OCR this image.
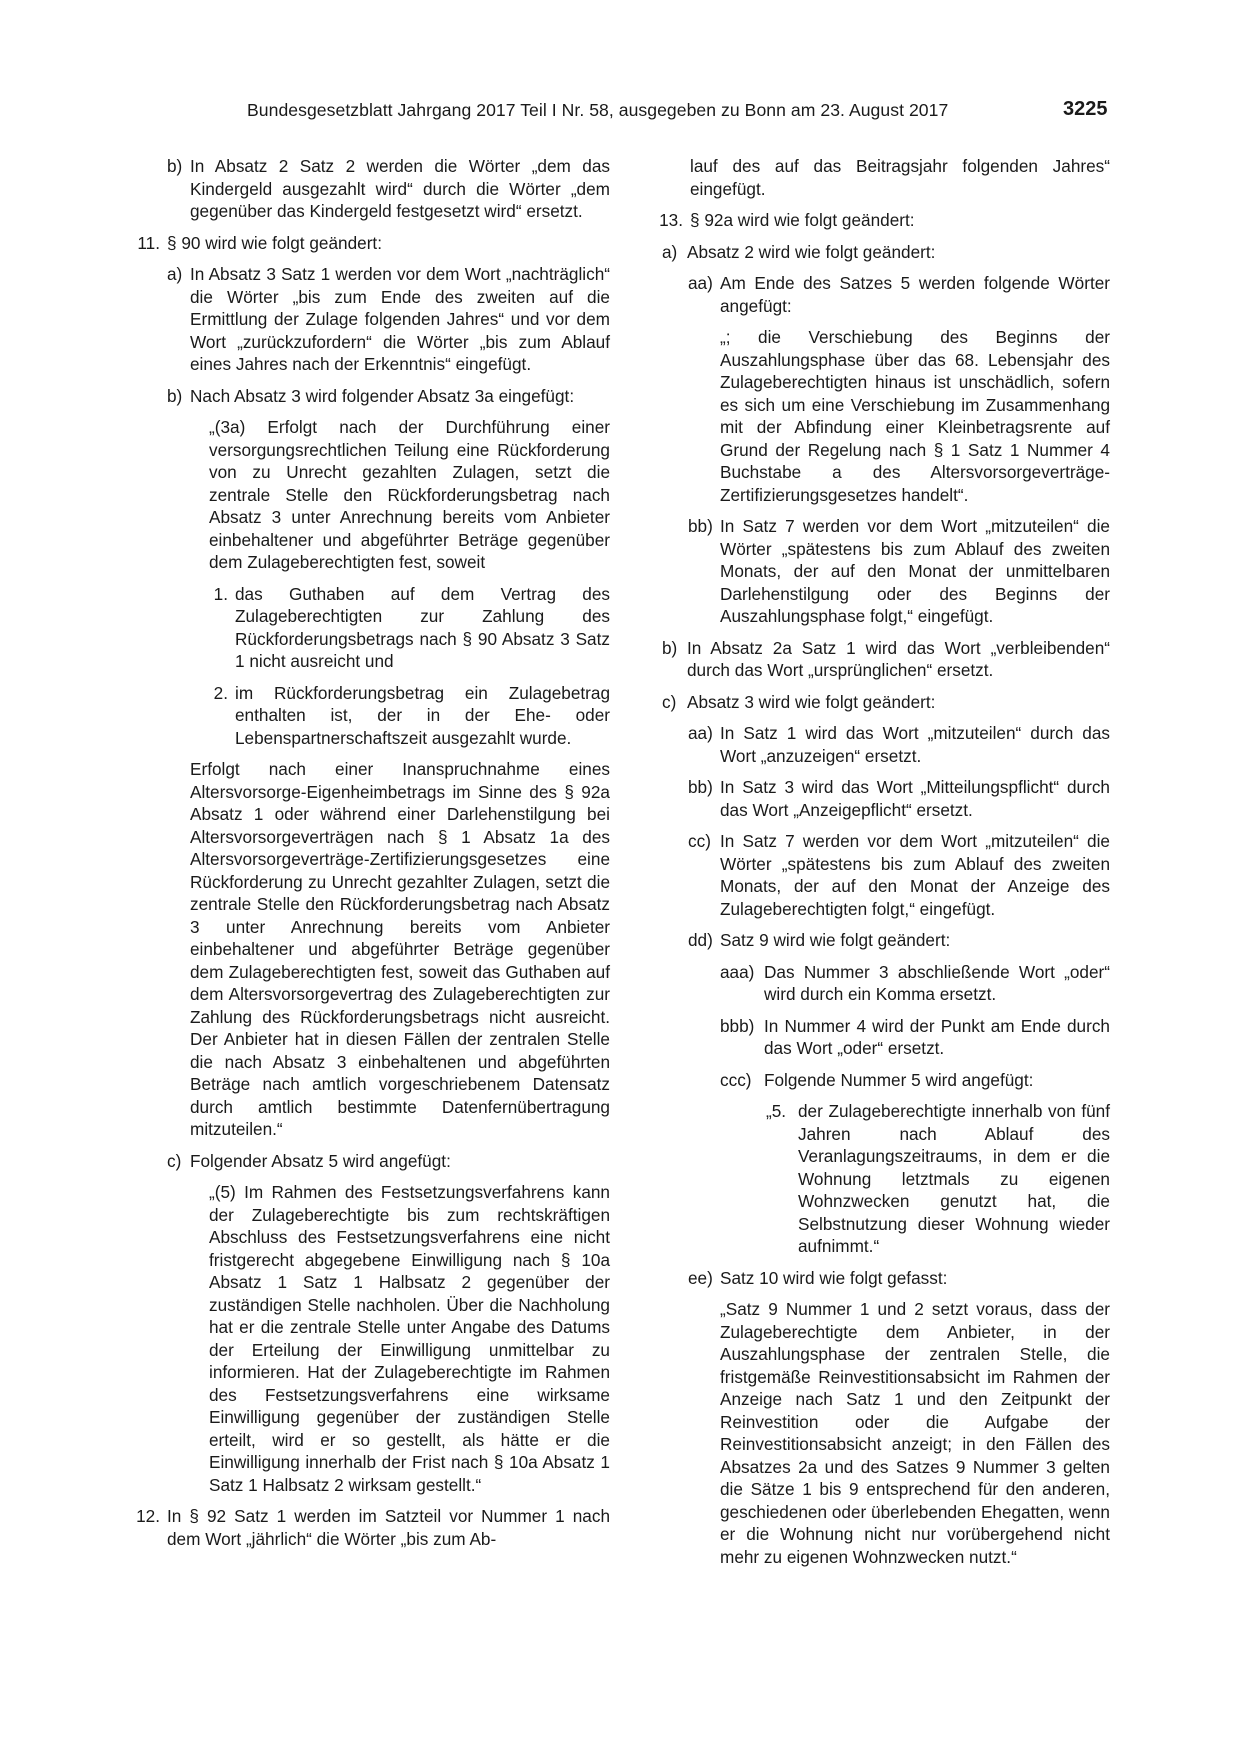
Bundesgesetzblatt Jahrgang 2017 Teil I Nr. 58, ausgegeben zu Bonn am 23. August 2017	3225
b) In Absatz 2 Satz 2 werden die Wörter „dem das Kindergeld ausgezahlt wird“ durch die Wörter „dem gegenüber das Kindergeld festgesetzt wird“ ersetzt.
11. § 90 wird wie folgt geändert:
a) In Absatz 3 Satz 1 werden vor dem Wort „nachträglich“ die Wörter „bis zum Ende des zweiten auf die Ermittlung der Zulage folgenden Jahres“ und vor dem Wort „zurückzufordern“ die Wörter „bis zum Ablauf eines Jahres nach der Erkenntnis“ eingefügt.
b) Nach Absatz 3 wird folgender Absatz 3a eingefügt:

„(3a) Erfolgt nach der Durchführung einer versorgungsrechtlichen Teilung eine Rückforderung von zu Unrecht gezahlten Zulagen, setzt die zentrale Stelle den Rückforderungsbetrag nach Absatz 3 unter Anrechnung bereits vom Anbieter einbehaltener und abgeführter Beträge gegenüber dem Zulageberechtigten fest, soweit

1. das Guthaben auf dem Vertrag des Zulageberechtigten zur Zahlung des Rückforderungsbetrags nach § 90 Absatz 3 Satz 1 nicht ausreicht und
2. im Rückforderungsbetrag ein Zulagebetrag enthalten ist, der in der Ehe- oder Lebenspartnerschaftszeit ausgezahlt wurde.

Erfolgt nach einer Inanspruchnahme eines Altersvorsorge-Eigenheimbetrags im Sinne des § 92a Absatz 1 oder während einer Darlehenstilgung bei Altersvorsorgeverträgen nach § 1 Absatz 1a des Altersvorsorgeverträge-Zertifizierungsgesetzes eine Rückforderung zu Unrecht gezahlter Zulagen, setzt die zentrale Stelle den Rückforderungsbetrag nach Absatz 3 unter Anrechnung bereits vom Anbieter einbehaltener und abgeführter Beträge gegenüber dem Zulageberechtigten fest, soweit das Guthaben auf dem Altersvorsorgevertrag des Zulageberechtigten zur Zahlung des Rückforderungsbetrags nicht ausreicht. Der Anbieter hat in diesen Fällen der zentralen Stelle die nach Absatz 3 einbehaltenen und abgeführten Beträge nach amtlich vorgeschriebenem Datensatz durch amtlich bestimmte Datenfernübertragung mitzuteilen.“

c) Folgender Absatz 5 wird angefügt:

„(5) Im Rahmen des Festsetzungsverfahrens kann der Zulageberechtigte bis zum rechtskräftigen Abschluss des Festsetzungsverfahrens eine nicht fristgerecht abgegebene Einwilligung nach § 10a Absatz 1 Satz 1 Halbsatz 2 gegenüber der zuständigen Stelle nachholen. Über die Nachholung hat er die zentrale Stelle unter Angabe des Datums der Erteilung der Einwilligung unmittelbar zu informieren. Hat der Zulageberechtigte im Rahmen des Festsetzungsverfahrens eine wirksame Einwilligung gegenüber der zuständigen Stelle erteilt, wird er so gestellt, als hätte er die Einwilligung innerhalb der Frist nach § 10a Absatz 1 Satz 1 Halbsatz 2 wirksam gestellt.“

12. In § 92 Satz 1 werden im Satzteil vor Nummer 1 nach dem Wort „jährlich“ die Wörter „bis zum Ab-

lauf des auf das Beitragsjahr folgenden Jahres“ eingefügt.

13. § 92a wird wie folgt geändert:
a) Absatz 2 wird wie folgt geändert:
aa) Am Ende des Satzes 5 werden folgende Wörter angefügt:

„; die Verschiebung des Beginns der Auszahlungsphase über das 68. Lebensjahr des Zulageberechtigten hinaus ist unschädlich, sofern es sich um eine Verschiebung im Zusammenhang mit der Abfindung einer Kleinbetragsrente auf Grund der Regelung nach § 1 Satz 1 Nummer 4 Buchstabe a des Altersvorsorgeverträge-Zertifizierungsgesetzes handelt“.

bb) In Satz 7 werden vor dem Wort „mitzuteilen“ die Wörter „spätestens bis zum Ablauf des zweiten Monats, der auf den Monat der unmittelbaren Darlehenstilgung oder des Beginns der Auszahlungsphase folgt,“ eingefügt.
b) In Absatz 2a Satz 1 wird das Wort „verbleibenden“ durch das Wort „ursprünglichen“ ersetzt.
c) Absatz 3 wird wie folgt geändert:
aa) In Satz 1 wird das Wort „mitzuteilen“ durch das Wort „anzuzeigen“ ersetzt.
bb) In Satz 3 wird das Wort „Mitteilungspflicht“ durch das Wort „Anzeigepflicht“ ersetzt.
cc) In Satz 7 werden vor dem Wort „mitzuteilen“ die Wörter „spätestens bis zum Ablauf des zweiten Monats, der auf den Monat der Anzeige des Zulageberechtigten folgt,“ eingefügt.
dd) Satz 9 wird wie folgt geändert:
aaa) Das Nummer 3 abschließende Wort „oder“ wird durch ein Komma ersetzt.
bbb) In Nummer 4 wird der Punkt am Ende durch das Wort „oder“ ersetzt.
ccc) Folgende Nummer 5 wird angefügt:
„5. der Zulageberechtigte innerhalb von fünf Jahren nach Ablauf des Veranlagungszeitraums, in dem er die Wohnung letztmals zu eigenen Wohnzwecken genutzt hat, die Selbstnutzung dieser Wohnung wieder aufnimmt.“
ee) Satz 10 wird wie folgt gefasst:

„Satz 9 Nummer 1 und 2 setzt voraus, dass der Zulageberechtigte dem Anbieter, in der Auszahlungsphase der zentralen Stelle, die fristgemäße Reinvestitionsabsicht im Rahmen der Anzeige nach Satz 1 und den Zeitpunkt der Reinvestition oder die Aufgabe der Reinvestitionsabsicht anzeigt; in den Fällen des Absatzes 2a und des Satzes 9 Nummer 3 gelten die Sätze 1 bis 9 entsprechend für den anderen, geschiedenen oder überlebenden Ehegatten, wenn er die Wohnung nicht nur vorübergehend nicht mehr zu eigenen Wohnzwecken nutzt.“
